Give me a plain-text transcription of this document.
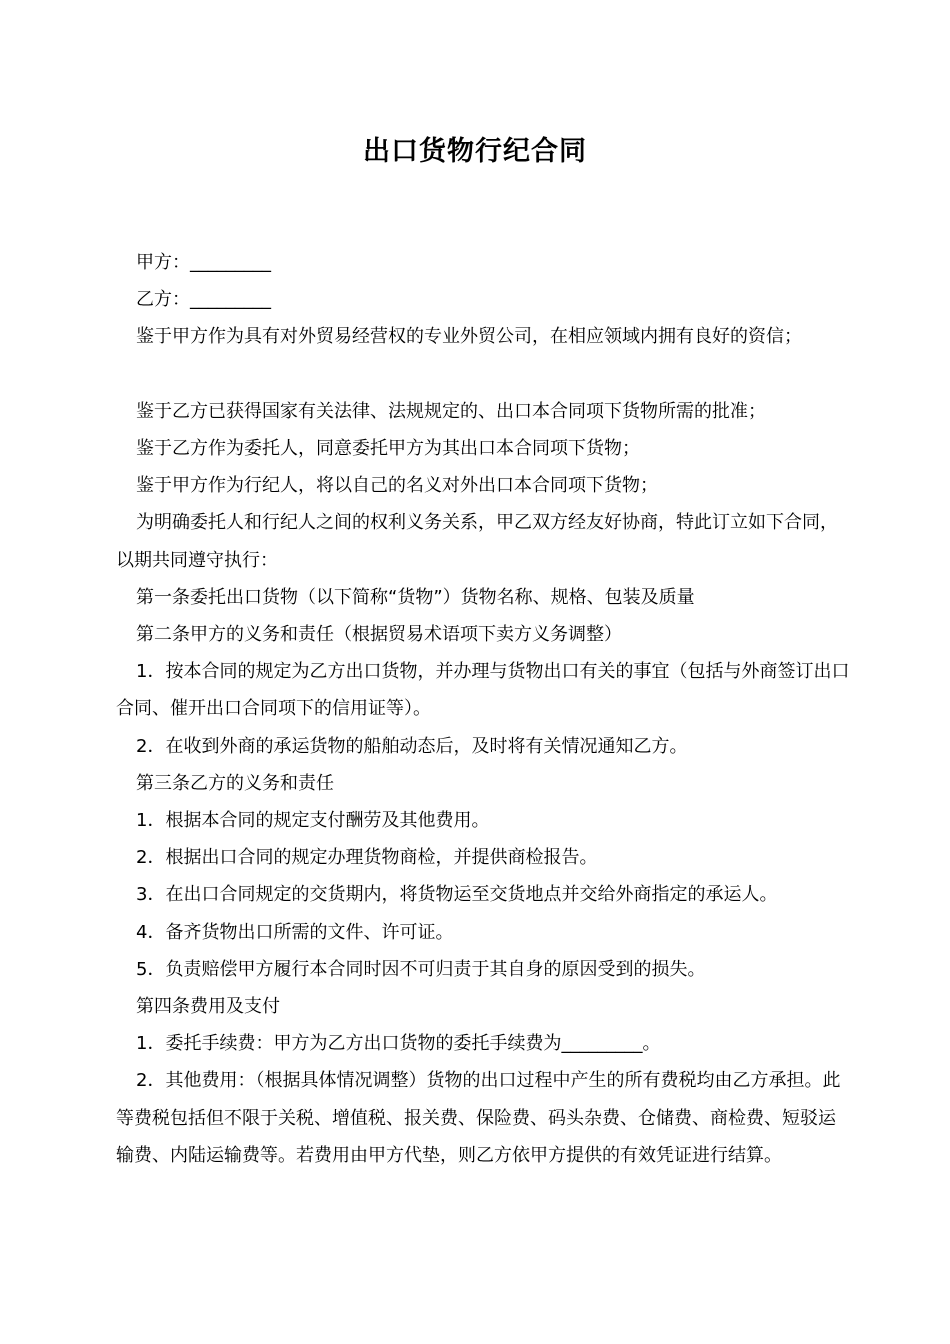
出口货物行纪合同

甲方：_________

乙方：_________

鉴于甲方作为具有对外贸易经营权的专业外贸公司，在相应领域内拥有良好的资信；

鉴于乙方已获得国家有关法律、法规规定的、出口本合同项下货物所需的批准；

鉴于乙方作为委托人，同意委托甲方为其出口本合同项下货物；

鉴于甲方作为行纪人，将以自己的名义对外出口本合同项下货物；

为明确委托人和行纪人之间的权利义务关系，甲乙双方经友好协商，特此订立如下合同，以期共同遵守执行：

第一条委托出口货物（以下简称“货物”）货物名称、规格、包装及质量

第二条甲方的义务和责任（根据贸易术语项下卖方义务调整）

1．按本合同的规定为乙方出口货物，并办理与货物出口有关的事宜（包括与外商签订出口合同、催开出口合同项下的信用证等）。

2．在收到外商的承运货物的船舶动态后，及时将有关情况通知乙方。

第三条乙方的义务和责任

1．根据本合同的规定支付酬劳及其他费用。

2．根据出口合同的规定办理货物商检，并提供商检报告。

3．在出口合同规定的交货期内，将货物运至交货地点并交给外商指定的承运人。

4．备齐货物出口所需的文件、许可证。

5．负责赔偿甲方履行本合同时因不可归责于其自身的原因受到的损失。

第四条费用及支付

1．委托手续费：甲方为乙方出口货物的委托手续费为_________。

2．其他费用：（根据具体情况调整）货物的出口过程中产生的所有费税均由乙方承担。此等费税包括但不限于关税、增值税、报关费、保险费、码头杂费、仓储费、商检费、短驳运输费、内陆运输费等。若费用由甲方代垫，则乙方依甲方提供的有效凭证进行结算。
